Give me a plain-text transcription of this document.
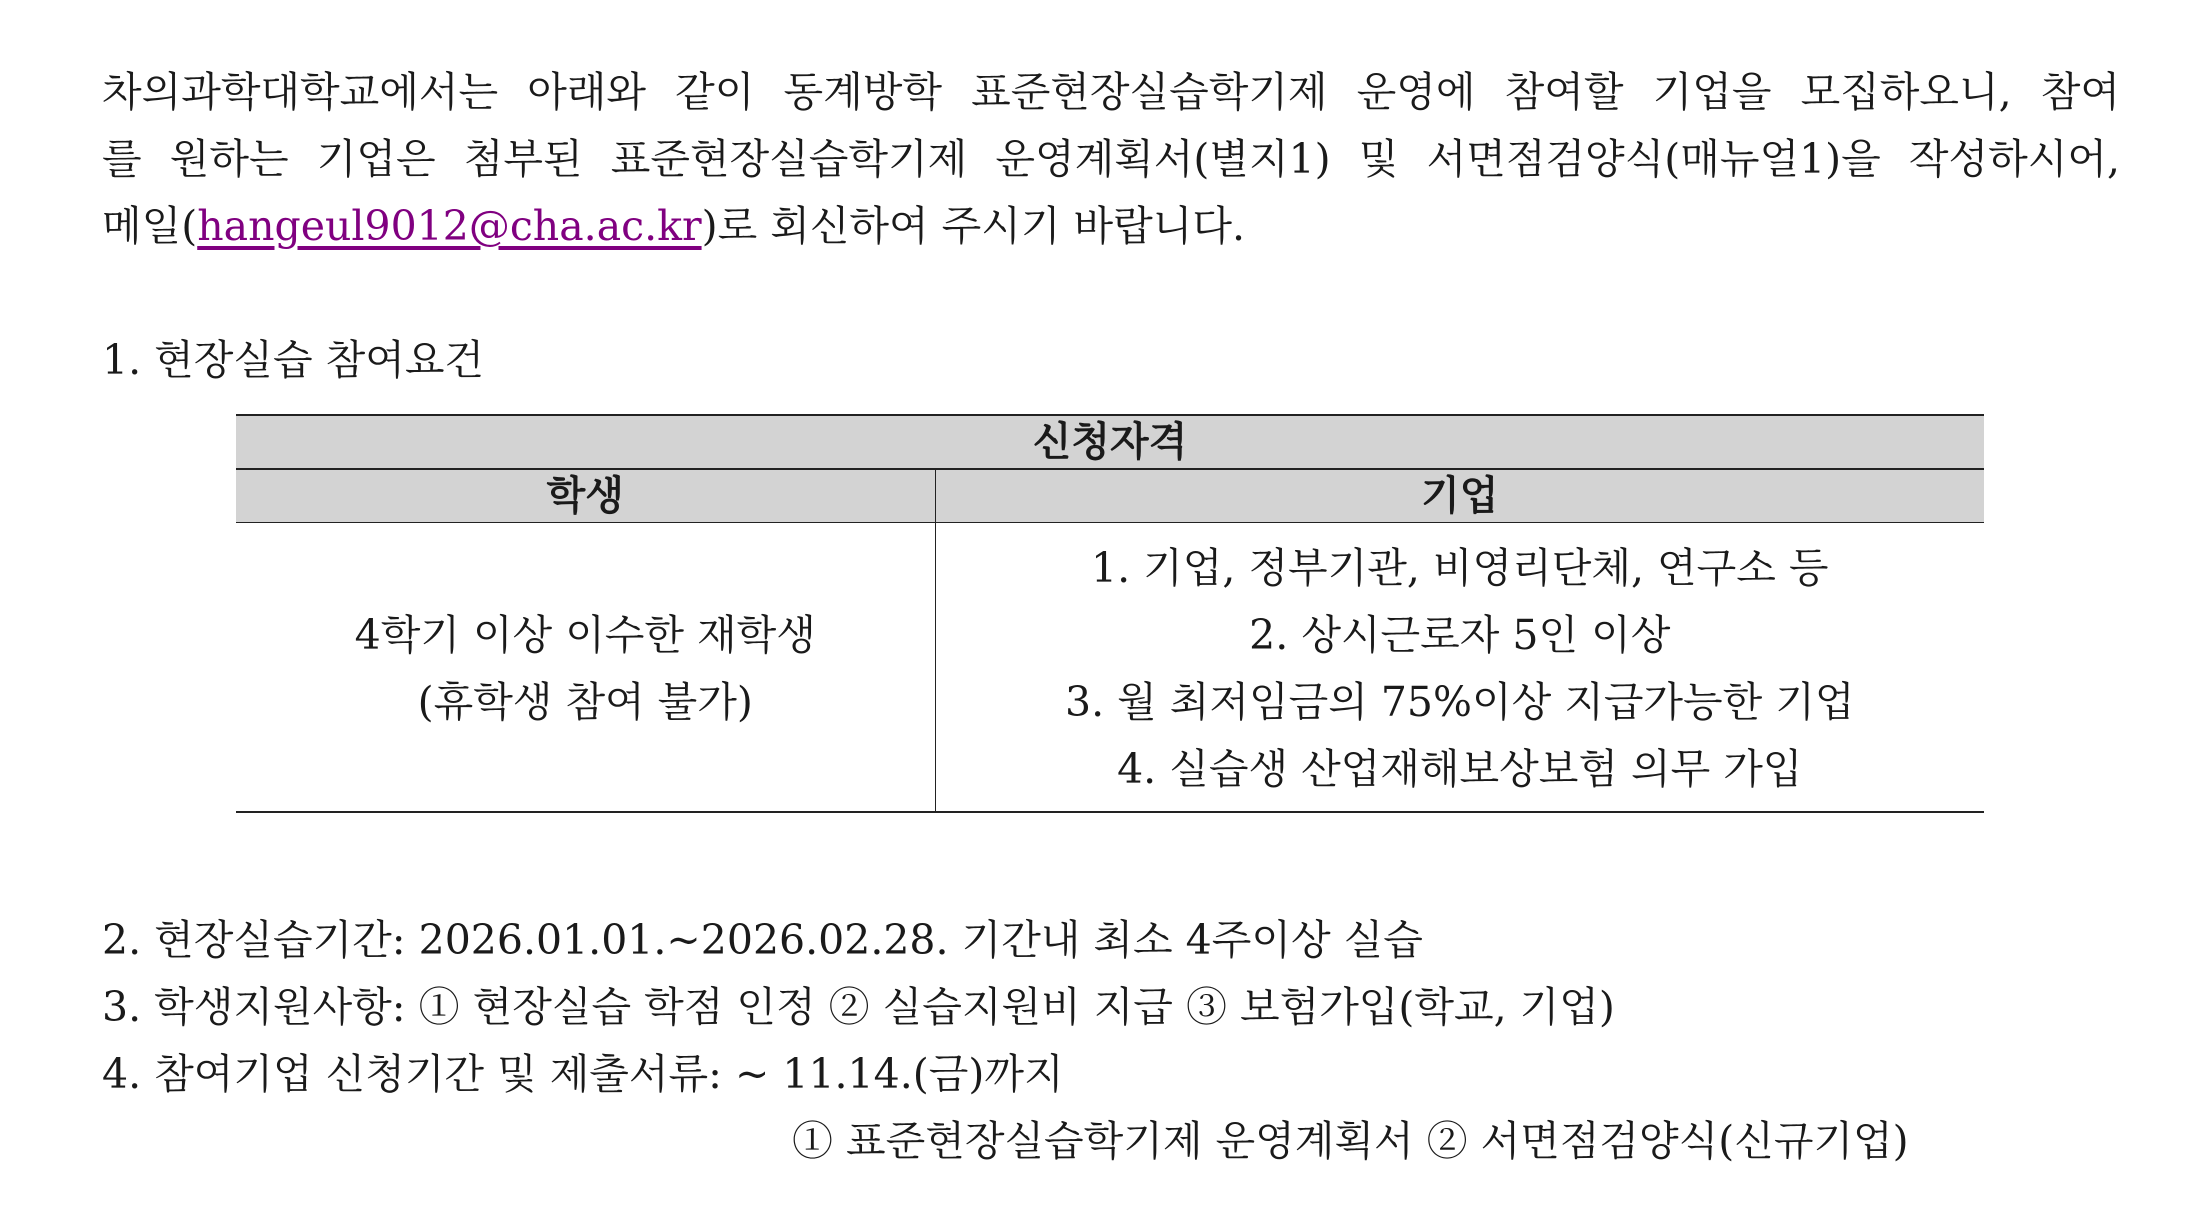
차의과학대학교에서는 아래와 같이 동계방학 표준현장실습학기제 운영에 참여할 기업을 모집하오니, 참여
를 원하는 기업은 첨부된 표준현장실습학기제 운영계획서(별지1) 및 서면점검양식(매뉴얼1)을 작성하시어,
메일(hangeul9012@cha.ac.kr)로 회신하여 주시기 바랍니다.
1. 현장실습 참여요건
신청자격	
학생	기업

4학기 이상 이수한 재학생
(휴학생 참여 불가)	1. 기업, 정부기관, 비영리단체, 연구소 등
2. 상시근로자 5인 이상
3. 월 최저임금의 75%이상 지급가능한 기업
4. 실습생 산업재해보상보험 의무 가입
2. 현장실습기간: 2026.01.01.~2026.02.28. 기간내 최소 4주이상 실습
3. 학생지원사항: ① 현장실습 학점 인정 ② 실습지원비 지급 ③ 보험가입(학교, 기업)
4. 참여기업 신청기간 및 제출서류: ~ 11.14.(금)까지
① 표준현장실습학기제 운영계획서 ② 서면점검양식(신규기업)
